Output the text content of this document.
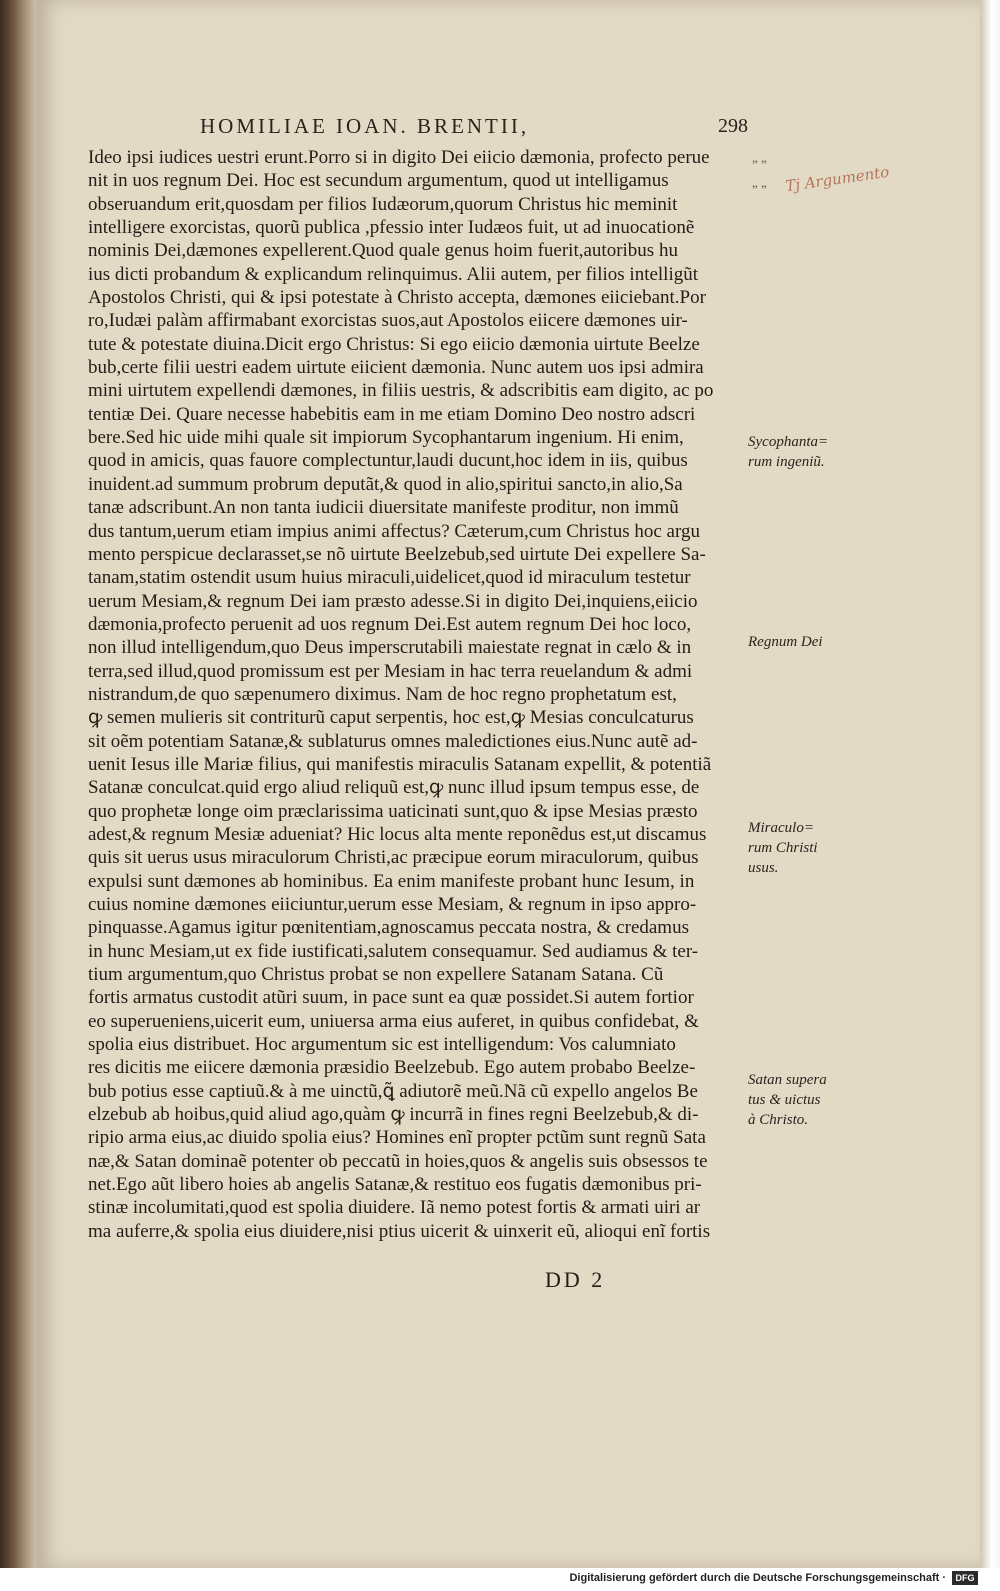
HOMILIAE IOAN. BRENTII,	298
Tj Argumento
Ideo ipsi iudices uestri erunt.Porro si in digito Dei eiicio dæmonia, profecto perue
nit in uos regnum Dei. Hoc est secundum argumentum, quod ut intelligamus
obseruandum erit,quosdam per filios Iudæorum,quorum Christus hic meminit
intelligere exorcistas, quorũ publica ,pfessio inter Iudæos fuit, ut ad inuocationẽ
nominis Dei,dæmones expellerent.Quod quale genus hoim fuerit,autoribus hu
ius dicti probandum & explicandum relinquimus. Alii autem, per filios intelligũt
Apostolos Christi, qui & ipsi potestate à Christo accepta, dæmones eiiciebant.Por
ro,Iudæi palàm affirmabant exorcistas suos,aut Apostolos eiicere dæmones uir-
tute & potestate diuina.Dicit ergo Christus: Si ego eiicio dæmonia uirtute Beelze
bub,certe filii uestri eadem uirtute eiicient dæmonia. Nunc autem uos ipsi admira
mini uirtutem expellendi dæmones, in filiis uestris, & adscribitis eam digito, ac po
tentiæ Dei. Quare necesse habebitis eam in me etiam Domino Deo nostro adscri
bere.Sed hic uide mihi quale sit impiorum Sycophantarum ingenium. Hi enim,
quod in amicis, quas fauore complectuntur,laudi ducunt,hoc idem in iis, quibus
inuident.ad summum probrum deputãt,& quod in alio,spiritui sancto,in alio,Sa
tanæ adscribunt.An non tanta iudicii diuersitate manifeste proditur, non immũ
dus tantum,uerum etiam impius animi affectus? Cæterum,cum Christus hoc argu
mento perspicue declarasset,se nõ uirtute Beelzebub,sed uirtute Dei expellere Sa-
tanam,statim ostendit usum huius miraculi,uidelicet,quod id miraculum testetur
uerum Mesiam,& regnum Dei iam præsto adesse.Si in digito Dei,inquiens,eiicio
dæmonia,profecto peruenit ad uos regnum Dei.Est autem regnum Dei hoc loco,
non illud intelligendum,quo Deus imperscrutabili maiestate regnat in cælo & in
terra,sed illud,quod promissum est per Mesiam in hac terra reuelandum & admi
nistrandum,de quo sæpenumero diximus. Nam de hoc regno prophetatum est,
ꝙ semen mulieris sit contriturũ caput serpentis, hoc est,ꝙ Mesias conculcaturus
sit oẽm potentiam Satanæ,& sublaturus omnes maledictiones eius.Nunc autẽ ad-
uenit Iesus ille Mariæ filius, qui manifestis miraculis Satanam expellit, & potentiã
Satanæ conculcat.quid ergo aliud reliquũ est,ꝙ nunc illud ipsum tempus esse, de
quo prophetæ longe oim præclarissima uaticinati sunt,quo & ipse Mesias præsto
adest,& regnum Mesiæ adueniat? Hic locus alta mente reponẽdus est,ut discamus
quis sit uerus usus miraculorum Christi,ac præcipue eorum miraculorum, quibus
expulsi sunt dæmones ab hominibus. Ea enim manifeste probant hunc Iesum, in
cuius nomine dæmones eiiciuntur,uerum esse Mesiam, & regnum in ipso appro-
pinquasse.Agamus igitur pœnitentiam,agnoscamus peccata nostra, & credamus
in hunc Mesiam,ut ex fide iustificati,salutem consequamur. Sed audiamus & ter-
tium argumentum,quo Christus probat se non expellere Satanam Satana. Cũ
fortis armatus custodit atũri suum, in pace sunt ea quæ possidet.Si autem fortior
eo superueniens,uicerit eum, uniuersa arma eius auferet, in quibus confidebat, &
spolia eius distribuet. Hoc argumentum sic est intelligendum: Vos calumniato
res dicitis me eiicere dæmonia præsidio Beelzebub. Ego autem probabo Beelze-
bub potius esse captiuũ.& à me uinctũ,ꝗ̃ adiutorẽ meũ.Nã cũ expello angelos Be
elzebub ab hoibus,quid aliud ago,quàm ꝙ incurrã in fines regni Beelzebub,& di-
ripio arma eius,ac diuido spolia eius? Homines enĩ propter pctũm sunt regnũ Sata
næ,& Satan dominaẽ potenter ob peccatũ in hoies,quos & angelis suis obsessos te
net.Ego aũt libero hoies ab angelis Satanæ,& restituo eos fugatis dæmonibus pri-
stinæ incolumitati,quod est spolia diuidere. Iã nemo potest fortis & armati uiri ar
ma auferre,& spolia eius diuidere,nisi ptius uicerit & uinxerit eũ, alioqui enĩ fortis
„ „
„ „
Sycophanta=
rum ingeniũ.
Regnum Dei
Miraculo=
rum Christi
usus.
Satan supera
tus & uictus
à Christo.
DD 2
Digitalisierung gefördert durch die Deutsche Forschungsgemeinschaft ·	DFG
